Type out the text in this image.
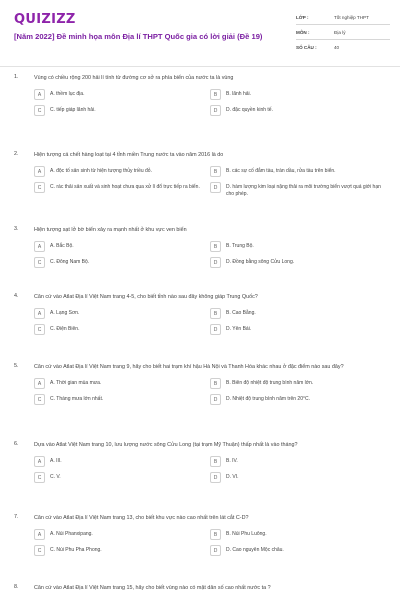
QUIZIZZ
[Năm 2022] Đề minh họa môn Địa lí THPT Quốc gia có lời giải (Đề 19)
LỚP :	Tốt nghiệp THPT
MÔN :	Địa lý
SỐ CÂU :	40
1.	Vùng có chiều rộng 200 hải lí tính từ đường cơ sở ra phía biển của nước ta là vùng
A	A. thềm lục địa.	B	B. lãnh hải.
C	C. tiếp giáp lãnh hải.	D	D. đặc quyền kinh tế.
2.	Hiện tượng cá chết hàng loạt tại 4 tỉnh miền Trung nước ta vào năm 2016 là do
A	A. độc tố sản sinh từ hiện tượng thủy triều đỏ.	B	B. các sự cố đắm tàu, tràn dầu, rửa tàu trên biển.
C	C. rác thải sản xuất và sinh hoạt chưa qua xử lí đổ trực tiếp ra biển.	D	D. hàm lượng kim loại nặng thải ra môi trường biển vượt quá giới hạn cho phép.
3.	Hiện tượng sạt lở bờ biển xảy ra mạnh nhất ở khu vực ven biển
A	A. Bắc Bộ.	B	B. Trung Bộ.
C	C. Đông Nam Bộ.	D	D. Đồng bằng sông Cửu Long.
4.	Căn cứ vào Atlat Địa lí Việt Nam trang 4-5, cho biết tỉnh nào sau đây không giáp Trung Quốc?
A	A. Lạng Sơn.	B	B. Cao Bằng.
C	C. Điện Biên.	D	D. Yên Bái.
5.	Căn cứ vào Atlat Địa lí Việt Nam trang 9, hãy cho biết hai trạm khí hậu Hà Nội và Thanh Hóa khác nhau ở đặc điểm nào sau đây?
A	A. Thời gian mùa mưa.	B	B. Biên độ nhiệt độ trung bình năm lớn.
C	C. Tháng mưa lớn nhất.	D	D. Nhiệt độ trung bình năm trên 20°C.
6.	Dựa vào Atlat Việt Nam trang 10, lưu lượng nước sông Cửu Long (tại trạm Mỹ Thuận) thấp nhất là vào tháng?
A	A. III.	B	B. IV.
C	C. V.	D	D. VI.
7.	Căn cứ vào Atlat Địa lí Việt Nam trang 13, cho biết khu vực nào cao nhất trên lát cắt C-D?
A	A. Núi Phanxipang.	B	B. Núi Phu Luông.
C	C. Núi Phu Pha Phong.	D	D. Cao nguyên Mộc châu.
8.	Căn cứ vào Atlat Địa lí Việt Nam trang 15, hãy cho biết vùng nào có mật dân số cao nhất nước ta ?
